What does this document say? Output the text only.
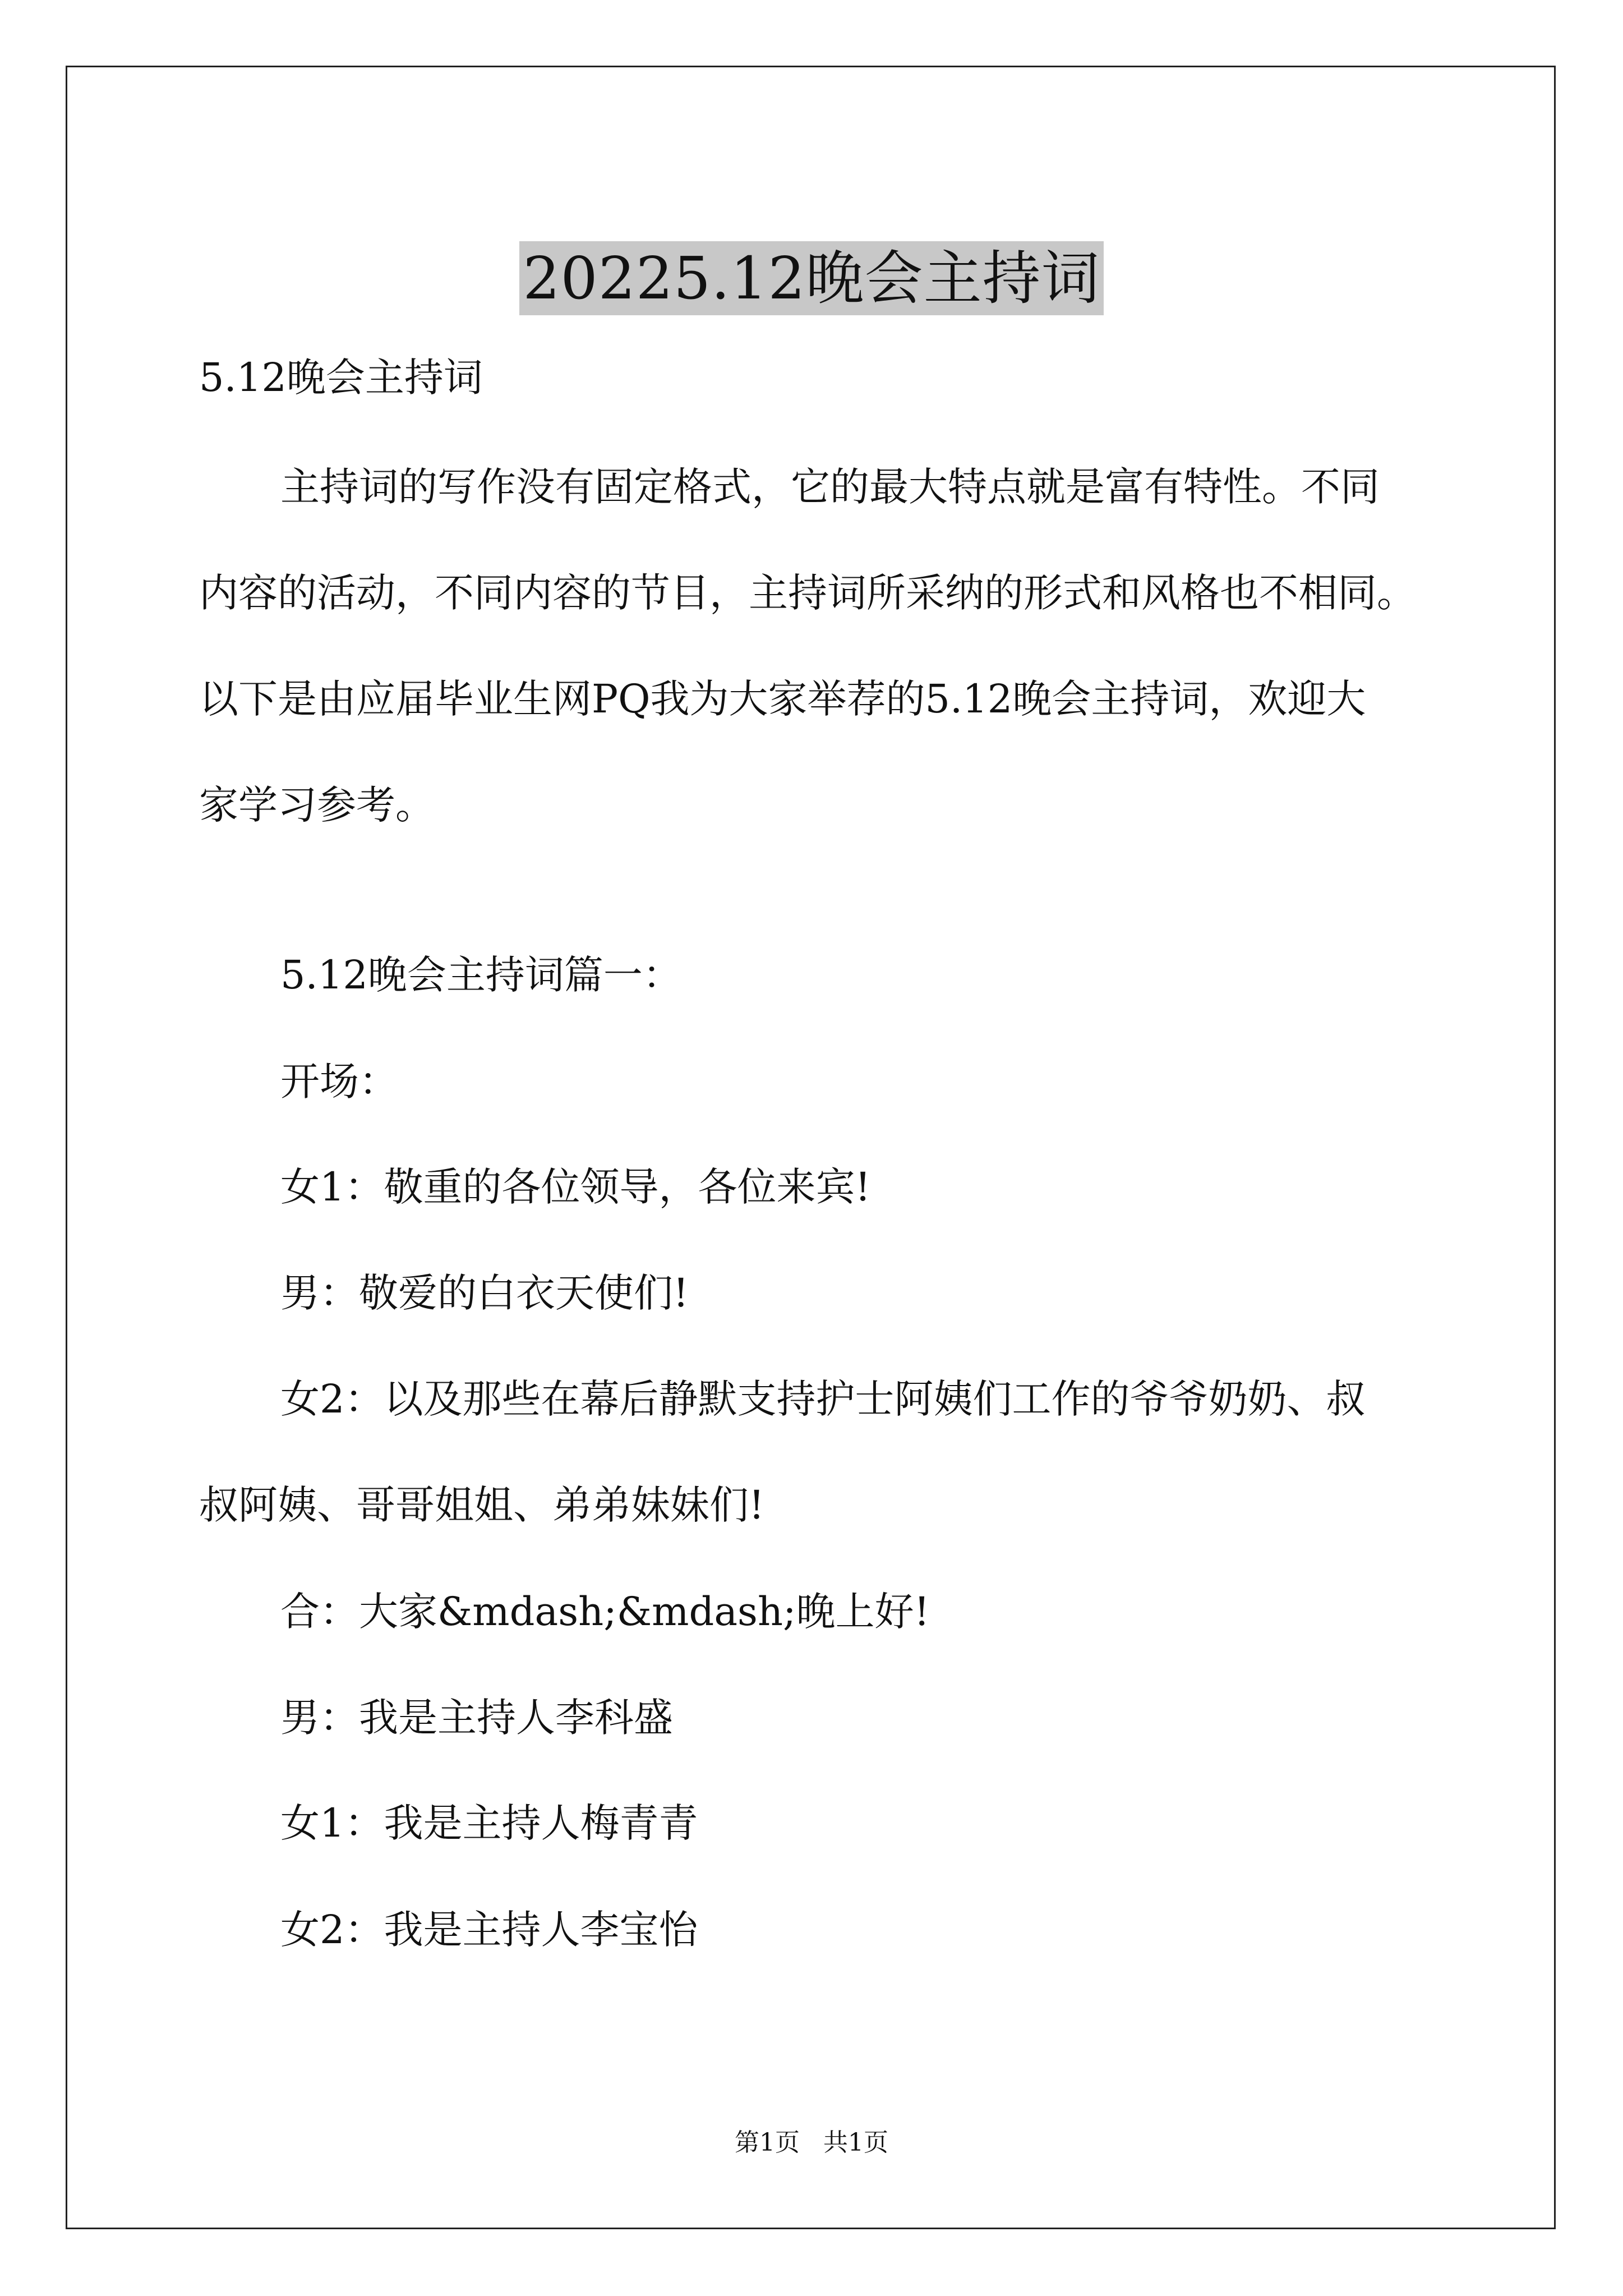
20225.12晚会主持词
5.12晚会主持词
主持词的写作没有固定格式，它的最大特点就是富有特性。不同
内容的活动，不同内容的节目，主持词所采纳的形式和风格也不相同。
以下是由应届毕业生网PQ我为大家举荐的5.12晚会主持词，欢迎大
家学习参考。
5.12晚会主持词篇一：
开场：
女1：敬重的各位领导，各位来宾!
男：敬爱的白衣天使们!
女2：以及那些在幕后静默支持护士阿姨们工作的爷爷奶奶、叔
叔阿姨、哥哥姐姐、弟弟妹妹们!
合：大家&mdash;&mdash;晚上好!
男：我是主持人李科盛
女1：我是主持人梅青青
女2：我是主持人李宝怡
第1页   共1页
